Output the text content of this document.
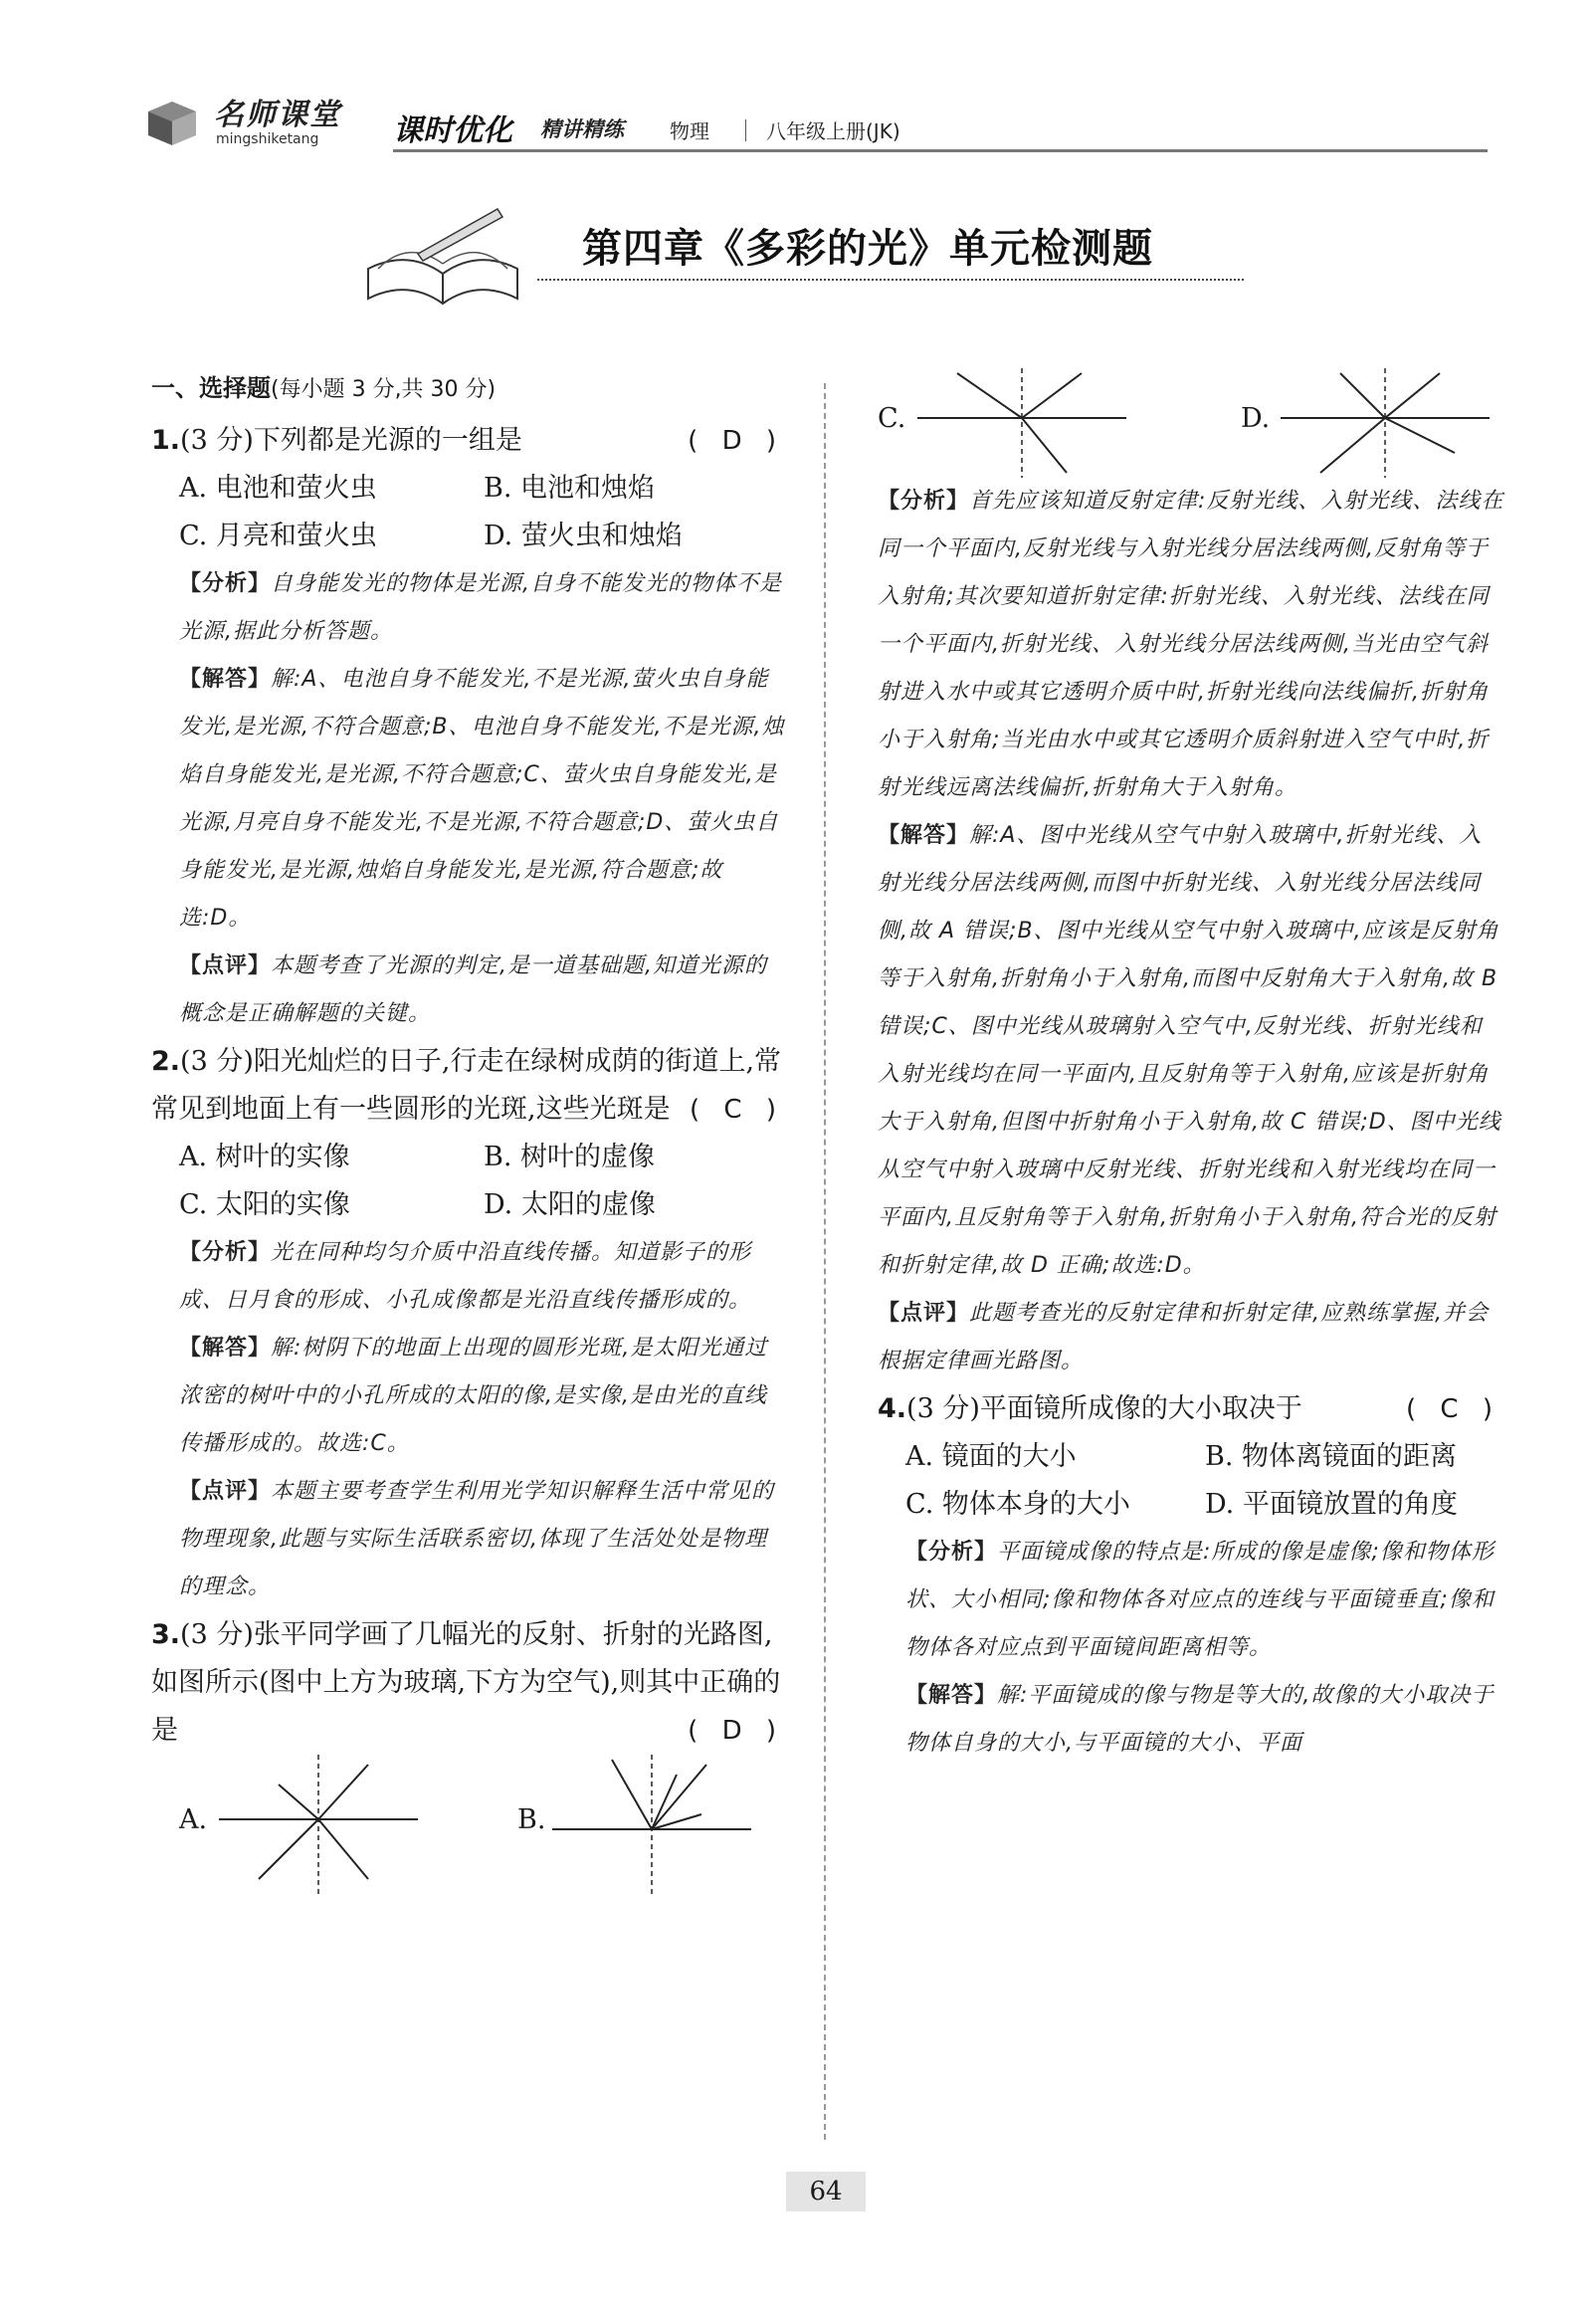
名师课堂
mingshiketang 课时优化 精讲精练 物理	八年级上册(JK)
第四章《多彩的光》单元检测题
一、选择题(每小题 3 分,共 30 分)
1.(3 分)下列都是光源的一组是	( D )
A. 电池和萤火虫	B. 电池和烛焰
C. 月亮和萤火虫	D. 萤火虫和烛焰
【分析】自身能发光的物体是光源,自身不能发光的物体不是光源,据此分析答题。
【解答】解:A、电池自身不能发光,不是光源,萤火虫自身能发光,是光源,不符合题意;B、电池自身不能发光,不是光源,烛焰自身能发光,是光源,不符合题意;C、萤火虫自身能发光,是光源,月亮自身不能发光,不是光源,不符合题意;D、萤火虫自身能发光,是光源,烛焰自身能发光,是光源,符合题意;故选:D。
【点评】本题考查了光源的判定,是一道基础题,知道光源的概念是正确解题的关键。
2.(3 分)阳光灿烂的日子,行走在绿树成荫的街道上,常常见到地面上有一些圆形的光斑,这些光斑是 ( C )
A. 树叶的实像	B. 树叶的虚像
C. 太阳的实像	D. 太阳的虚像
【分析】光在同种均匀介质中沿直线传播。知道影子的形成、日月食的形成、小孔成像都是光沿直线传播形成的。
【解答】解:树阴下的地面上出现的圆形光斑,是太阳光通过浓密的树叶中的小孔所成的太阳的像,是实像,是由光的直线传播形成的。故选:C。
【点评】本题主要考查学生利用光学知识解释生活中常见的物理现象,此题与实际生活联系密切,体现了生活处处是物理的理念。
3.(3 分)张平同学画了几幅光的反射、折射的光路图,如图所示(图中上方为玻璃,下方为空气),则其中正确的是	( D )
A.	B.
C.	D.
【分析】首先应该知道反射定律:反射光线、入射光线、法线在同一个平面内,反射光线与入射光线分居法线两侧,反射角等于入射角;其次要知道折射定律:折射光线、入射光线、法线在同一个平面内,折射光线、入射光线分居法线两侧,当光由空气斜射进入水中或其它透明介质中时,折射光线向法线偏折,折射角小于入射角;当光由水中或其它透明介质斜射进入空气中时,折射光线远离法线偏折,折射角大于入射角。
【解答】解:A、图中光线从空气中射入玻璃中,折射光线、入射光线分居法线两侧,而图中折射光线、入射光线分居法线同侧,故 A 错误;B、图中光线从空气中射入玻璃中,应该是反射角等于入射角,折射角小于入射角,而图中反射角大于入射角,故 B 错误;C、图中光线从玻璃射入空气中,反射光线、折射光线和入射光线均在同一平面内,且反射角等于入射角,应该是折射角大于入射角,但图中折射角小于入射角,故 C 错误;D、图中光线从空气中射入玻璃中反射光线、折射光线和入射光线均在同一平面内,且反射角等于入射角,折射角小于入射角,符合光的反射和折射定律,故 D 正确;故选:D。
【点评】此题考查光的反射定律和折射定律,应熟练掌握,并会根据定律画光路图。
4.(3 分)平面镜所成像的大小取决于	( C )
A. 镜面的大小	B. 物体离镜面的距离
C. 物体本身的大小	D. 平面镜放置的角度
【分析】平面镜成像的特点是:所成的像是虚像;像和物体形状、大小相同;像和物体各对应点的连线与平面镜垂直;像和物体各对应点到平面镜间距离相等。
【解答】解:平面镜成的像与物是等大的,故像的大小取决于物体自身的大小,与平面镜的大小、平面
64
